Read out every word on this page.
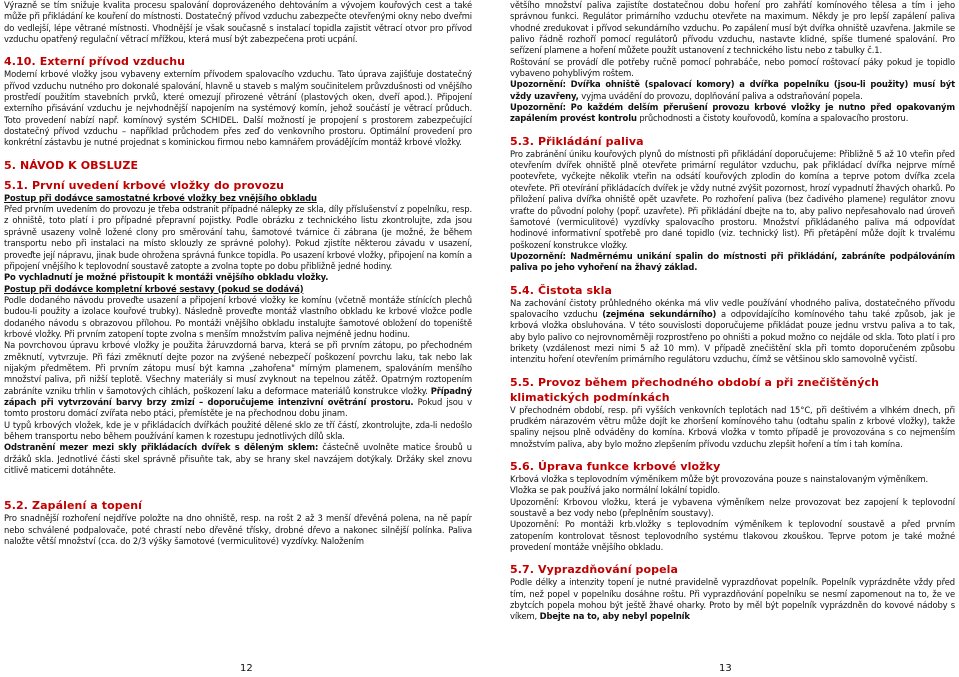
Výrazně se tím snižuje kvalita procesu spalování doprovázeného dehtováním a vývojem kouřových cest a také může při přikládání ke kouření do místnosti. Dostatečný přívod vzduchu zabezpečte otevřenými okny nebo dveřmi do vedlejší, lépe větrané místnosti. Vhodnější je však současně s instalací topidla zajistit větrací otvor pro přívod vzduchu opatřený regulační větrací mřížkou, která musí být zabezpečena proti ucpání.

4.10. Externí přívod vzduchu

Moderní krbové vložky jsou vybaveny externím přívodem spalovacího vzduchu. Tato úprava zajišťuje dostatečný přívod vzduchu nutného pro dokonalé spalování, hlavně u staveb s malým součinitelem průvzdušnosti od vnějšího prostředí použitím stavebních prvků, které omezují přirozené větrání (plastových oken, dveří apod.). Připojení externího přisávání vzduchu je nejvhodnější napojením na systémový komín, jehož součástí je větrací průduch. Toto provedení nabízí např. komínový systém SCHIDEL. Další možností je propojení s prostorem zabezpečující dostatečný přívod vzduchu – například průchodem přes zeď do venkovního prostoru. Optimální provedení pro konkrétní zástavbu je nutné projednat s kominickou firmou nebo kamnářem provádějícím montáž krbové vložky.

5. NÁVOD K OBSLUZE
5.1. První uvedení krbové vložky do provozu

Postup při dodávce samostatné krbové vložky bez vnějšího obkladu

Před prvním uvedením do provozu je třeba odstranit případné nálepky ze skla, díly příslušenství z popelníku, resp. z ohniště, toto platí i pro případné přepravní pojistky. Podle obrázku z technického listu zkontrolujte, zda jsou správně usazeny volně ložené clony pro směrování tahu, šamotové tvárnice či zábrana (je možné, že během transportu nebo při instalaci na místo sklouzly ze správné polohy). Pokud zjistíte některou závadu v usazení, proveďte její nápravu, jinak bude ohrožena správná funkce topidla. Po usazení krbové vložky, připojení na komín a připojení vnějšího k teplovodní soustavě zatopte a zvolna topte po dobu přibližně jedné hodiny.

Po vychladnutí je možné přistoupit k montáži vnějšího obkladu vložky.

Postup při dodávce kompletní krbové sestavy (pokud se dodává)

Podle dodaného návodu proveďte usazení a připojení krbové vložky ke komínu (včetně montáže stínících plechů budou-li použity a izolace kouřové trubky). Následně proveďte montáž vlastního obkladu ke krbové vložce podle dodaného návodu s obrazovou přílohou. Po montáži vnějšího obkladu instalujte šamotové obložení do topeniště krbové vložky. Při prvním zatopení topte zvolna s menším množstvím paliva nejméně jednu hodinu.

Na povrchovou úpravu krbové vložky je použita žáruvzdorná barva, která se při prvním zátopu, po přechodném změknutí, vytvrzuje. Při fázi změknutí dejte pozor na zvýšené nebezpečí poškození povrchu laku, tak nebo lak nijakým předmětem. Při prvním zátopu musí být kamna „zahořena" mírným plamenem, spalováním menšího množství paliva, při nižší teplotě. Všechny materiály si musí zvyknout na tepelnou zátěž. Opatrným roztopením zabráníte vzniku trhlin v šamotových cihlách, poškození laku a deformace materiálů konstrukce vložky. Případný zápach při vytvrzování barvy brzy zmizí – doporučujeme intenzivní ovětrání prostoru. Pokud jsou v tomto prostoru domácí zvířata nebo ptáci, přemístěte je na přechodnou dobu jinam.

U typů krbových vložek, kde je v přikládacích dvířkách použité dělené sklo ze tří částí, zkontrolujte, zda-li nedošlo během transportu nebo během používání kamen k rozestupu jednotlivých dílů skla.

Odstranění mezer mezi skly přikládacích dvířek s děleným sklem: částečně uvolněte matice šroubů u držáků skla. Jednotlivé části skel správně přisuňte tak, aby se hrany skel navzájem dotýkaly. Držáky skel znovu citlivě maticemi dotáhněte.

5.2. Zapálení a topení

Pro snadnější rozhoření nejdříve položte na dno ohniště, resp. na rošt 2 až 3 menší dřevěná polena, na ně papír nebo schválené podpalovače, poté chrastí nebo dřevěné třísky, drobné dřevo a nakonec silnější polínka. Paliva naložte větší množství (cca. do 2/3 výšky šamotové (vermiculitové) vyzdívky. Naložením

12

většího množství paliva zajistíte dostatečnou dobu hoření pro zahřátí komínového tělesa a tím i jeho správnou funkci. Regulátor primárního vzduchu otevřete na maximum. Někdy je pro lepší zapálení paliva vhodné zredukovat i přívod sekundárního vzduchu. Po zapálení musí být dvířka ohniště uzavřena. Jakmile se palivo řádně rozhoří pomocí regulátorů přívodu vzduchu, nastavte klidné, spíše tlumené spalování. Pro seřízení plamene a hoření můžete použít ustanovení z technického listu nebo z tabulky č.1.

Roštování se provádí dle potřeby ručně pomocí pohrabáče, nebo pomocí roštovací páky pokud je topidlo vybaveno pohyblivým roštem.

Upozornění: Dvířka ohniště (spalovací komory) a dvířka popelníku (jsou-li použity) musí být vždy uzavřeny, vyjma uvádění do provozu, doplňování paliva a odstraňování popela.

Upozornění: Po každém delším přerušení provozu krbové vložky je nutno před opakovaným zapálením provést kontrolu průchodnosti a čistoty kouřovodů, komína a spalovacího prostoru.

5.3. Přikládání paliva

Pro zabránění úniku kouřových plynů do místnosti při přikládání doporučujeme: Přibližně 5 až 10 vteřin před otevřením dvířek ohniště plně otevřete primární regulátor vzduchu, pak přikládací dvířka nejprve mírně pootevřete, vyčkejte několik vteřin na odsátí kouřových zplodin do komína a teprve potom dvířka zcela otevřete. Při otevírání přikládacích dvířek je vždy nutné zvýšit pozornost, hrozí vypadnutí žhavých oharků. Po přiložení paliva dvířka ohniště opět uzavřete. Po rozhoření paliva (bez čadivého plamene) regulátor znovu vraťte do původní polohy (popř. uzavřete). Při přikládání dbejte na to, aby palivo nepřesahovalo nad úroveň šamotové (vermiculitové) vyzdívky spalovacího prostoru. Množství přikládaného paliva má odpovídat hodinové informativní spotřebě pro dané topidlo (viz. technický list). Při přetápění může dojít k trvalému poškození konstrukce vložky.

Upozornění: Nadměrnému unikání spalin do místnosti při přikládání, zabráníte podpálováním paliva po jeho vyhoření na žhavý základ.

5.4. Čistota skla

Na zachování čistoty průhledného okénka má vliv vedle používání vhodného paliva, dostatečného přívodu spalovacího vzduchu (zejména sekundárního) a odpovídajícího komínového tahu také způsob, jak je krbová vložka obsluhována. V této souvislosti doporučujeme přikládat pouze jednu vrstvu paliva a to tak, aby bylo palivo co nejrovnoměrněji rozprostřeno po ohništi a pokud možno co nejdále od skla. Toto platí i pro brikety (vzdálenost mezi nimi 5 až 10 mm). V případě znečištění skla při tomto doporučeném způsobu intenzitu hoření otevřením primárního regulátoru vzduchu, čímž se většinou sklo samovolně vyčistí.

5.5. Provoz během přechodného období a při znečištěných klimatických podmínkách

V přechodném období, resp. při vyšších venkovních teplotách nad 15°C, při deštivém a vlhkém dnech, při prudkém nárazovém větru může dojít ke zhoršení komínového tahu (odtahu spalin z krbové vložky), takže spaliny nejsou plně odváděny do komína. Krbová vložka v tomto případě je provozována s co nejmenším množstvím paliva, aby bylo možno zlepšením přívodu vzduchu zlepšit hoření a tím i tah komína.

5.6. Úprava funkce krbové vložky

Krbová vložka s teplovodním výměníkem může být provozována pouze s nainstalovaným výměníkem.

Vložka se pak používá jako normální lokální topidlo.

Upozornění: Krbovou vložku, která je vybavena výměníkem nelze provozovat bez zapojení k teplovodní soustavě a bez vody nebo (přeplněním soustavy).

Upozornění: Po montáži krb.vložky s teplovodním výměníkem k teplovodní soustavě a před prvním zatopením kontrolovat těsnost teplovodního systému tlakovou zkouškou. Teprve potom je také možné provedení montáže vnějšího obkladu.

5.7. Vyprazdňování popela

Podle délky a intenzity topení je nutné pravidelně vyprazdňovat popelník. Popelník vyprázdněte vždy před tím, než popel v popelníku dosáhne roštu. Při vyprazdňování popelníku se nesmí zapomenout na to, že ve zbytcích popela mohou být ještě žhavé oharky. Proto by měl být popelník vyprázdněn do kovové nádoby s víkem, Dbejte na to, aby nebyl popelník

13
